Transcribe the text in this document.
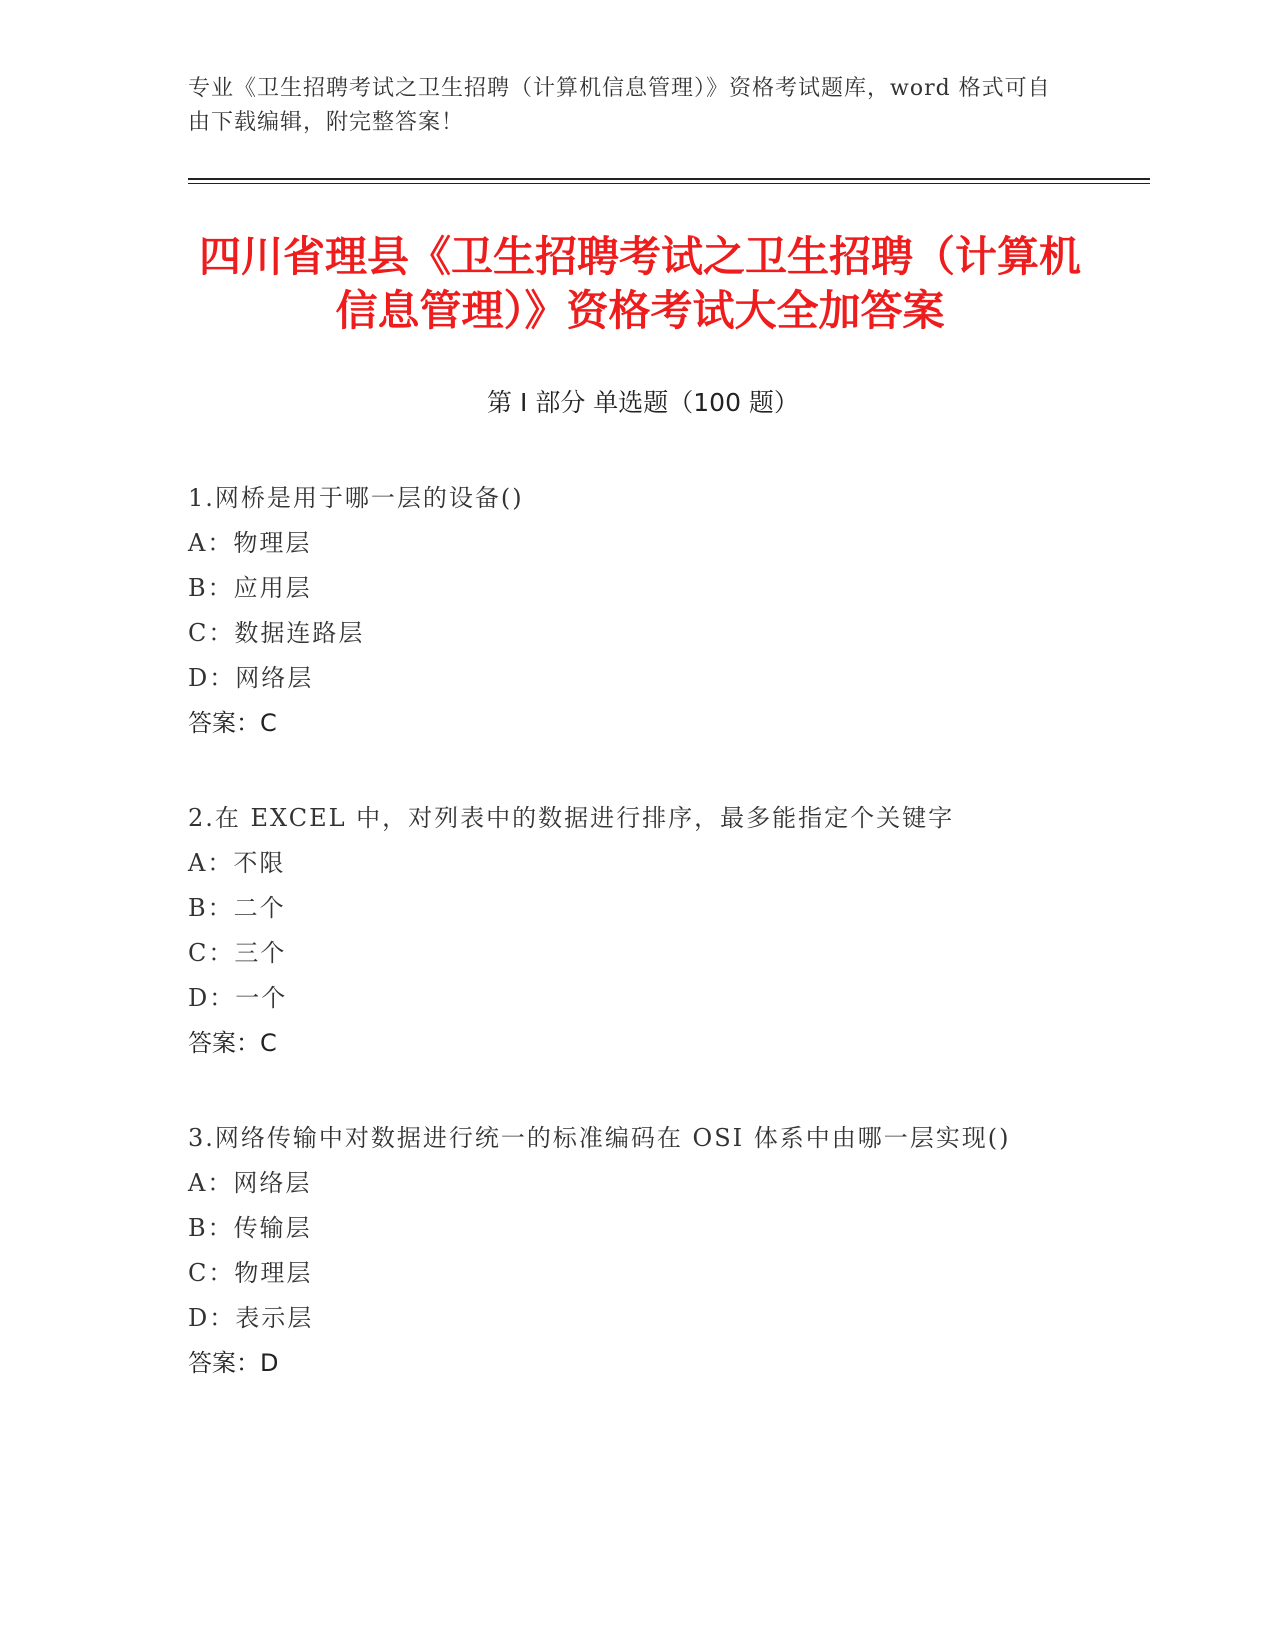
专业《卫生招聘考试之卫生招聘（计算机信息管理）》资格考试题库，word 格式可自由下载编辑，附完整答案！
四川省理县《卫生招聘考试之卫生招聘（计算机信息管理）》资格考试大全加答案
第 I 部分 单选题（100 题）
1.网桥是用于哪一层的设备()
A：物理层
B：应用层
C：数据连路层
D：网络层
答案：C
2.在 EXCEL 中，对列表中的数据进行排序，最多能指定个关键字
A：不限
B：二个
C：三个
D：一个
答案：C
3.网络传输中对数据进行统一的标准编码在 OSI 体系中由哪一层实现()
A：网络层
B：传输层
C：物理层
D：表示层
答案：D
